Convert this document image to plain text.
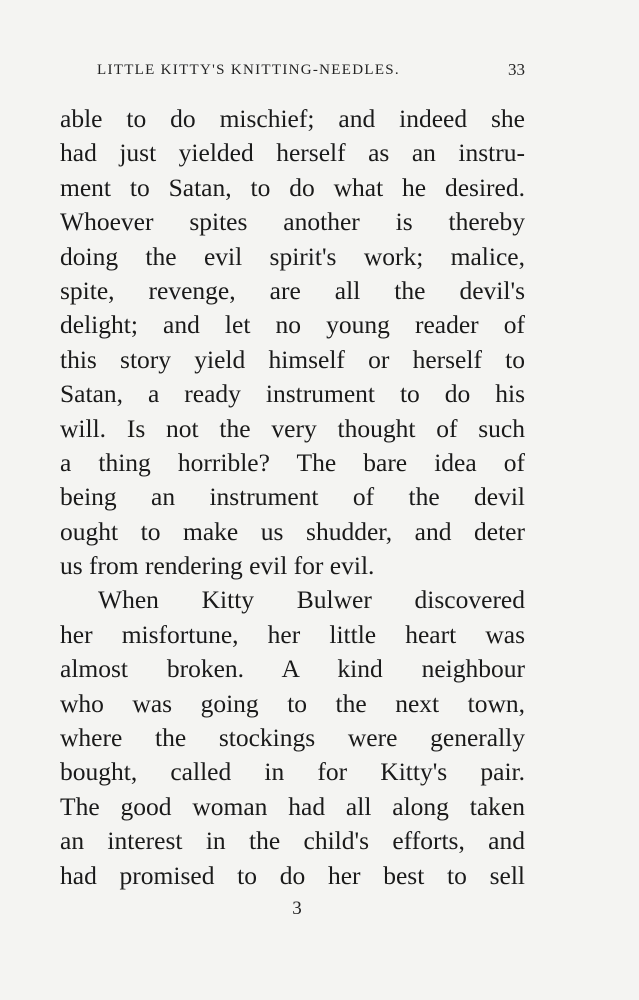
LITTLE KITTY'S KNITTING-NEEDLES.	33
able to do mischief; and indeed she
had just yielded herself as an instru-
ment to Satan, to do what he desired.
Whoever spites another is thereby
doing the evil spirit's work; malice,
spite, revenge, are all the devil's
delight; and let no young reader of
this story yield himself or herself to
Satan, a ready instrument to do his
will. Is not the very thought of such
a thing horrible? The bare idea of
being an instrument of the devil
ought to make us shudder, and deter
us from rendering evil for evil.
When Kitty Bulwer discovered
her misfortune, her little heart was
almost broken. A kind neighbour
who was going to the next town,
where the stockings were generally
bought, called in for Kitty's pair.
The good woman had all along taken
an interest in the child's efforts, and
had promised to do her best to sell
3
